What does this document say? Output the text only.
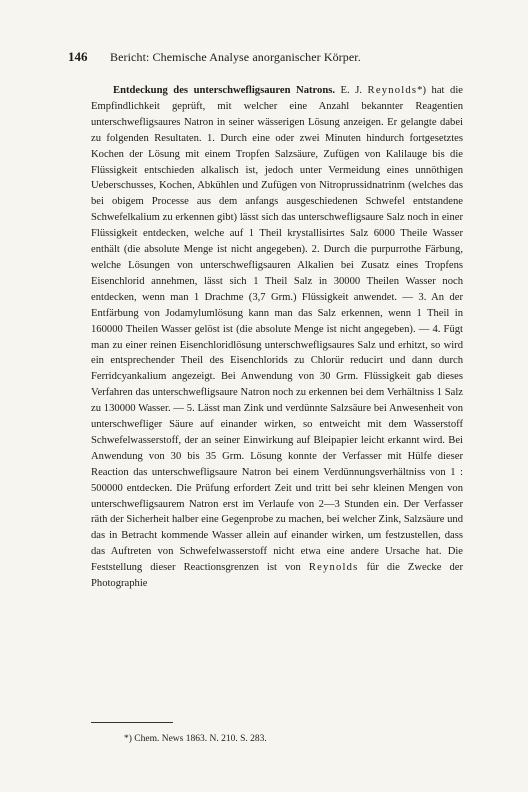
146 Bericht: Chemische Analyse anorganischer Körper.

Entdeckung des unterschwefligsauren Natrons. E. J. Reynolds*) hat die Empfindlichkeit geprüft, mit welcher eine Anzahl bekannter Reagentien unterschwefligsaures Natron in seiner wässerigen Lösung anzeigen. Er gelangte dabei zu folgenden Resultaten. 1. Durch eine oder zwei Minuten hindurch fortgesetztes Kochen der Lösung mit einem Tropfen Salzsäure, Zufügen von Kalilauge bis die Flüssigkeit entschieden alkalisch ist, jedoch unter Vermeidung eines unnöthigen Ueberschusses, Kochen, Abkühlen und Zufügen von Nitroprussidnatrinm (welches das bei obigem Processe aus dem anfangs ausgeschiedenen Schwefel entstandene Schwefelkalium zu erkennen gibt) lässt sich das unterschwefligsaure Salz noch in einer Flüssigkeit entdecken, welche auf 1 Theil krystallisirtes Salz 6000 Theile Wasser enthält (die absolute Menge ist nicht angegeben). 2. Durch die purpurrothe Färbung, welche Lösungen von unterschwefligsauren Alkalien bei Zusatz eines Tropfens Eisenchlorid annehmen, lässt sich 1 Theil Salz in 30000 Theilen Wasser noch entdecken, wenn man 1 Drachme (3,7 Grm.) Flüssigkeit anwendet. — 3. An der Entfärbung von Jodamylumlösung kann man das Salz erkennen, wenn 1 Theil in 160000 Theilen Wasser gelöst ist (die absolute Menge ist nicht angegeben). — 4. Fügt man zu einer reinen Eisenchloridlösung unterschwefligsaures Salz und erhitzt, so wird ein entsprechender Theil des Eisenchlorids zu Chlorür reducirt und dann durch Ferridcyankalium angezeigt. Bei Anwendung von 30 Grm. Flüssigkeit gab dieses Verfahren das unterschwefligsaure Natron noch zu erkennen bei dem Verhältniss 1 Salz zu 130000 Wasser. — 5. Lässt man Zink und verdünnte Salzsäure bei Anwesenheit von unterschwefliger Säure auf einander wirken, so entweicht mit dem Wasserstoff Schwefelwasserstoff, der an seiner Einwirkung auf Bleipapier leicht erkannt wird. Bei Anwendung von 30 bis 35 Grm. Lösung konnte der Verfasser mit Hülfe dieser Reaction das unterschwefligsaure Natron bei einem Verdünnungsverhältniss von 1 : 500000 entdecken. Die Prüfung erfordert Zeit und tritt bei sehr kleinen Mengen von unterschwefligsaurem Natron erst im Verlaufe von 2—3 Stunden ein. Der Verfasser räth der Sicherheit halber eine Gegenprobe zu machen, bei welcher Zink, Salzsäure und das in Betracht kommende Wasser allein auf einander wirken, um festzustellen, dass das Auftreten von Schwefelwasserstoff nicht etwa eine andere Ursache hat. Die Feststellung dieser Reactionsgrenzen ist von Reynolds für die Zwecke der Photographie

*) Chem. News 1863. N. 210. S. 283.
